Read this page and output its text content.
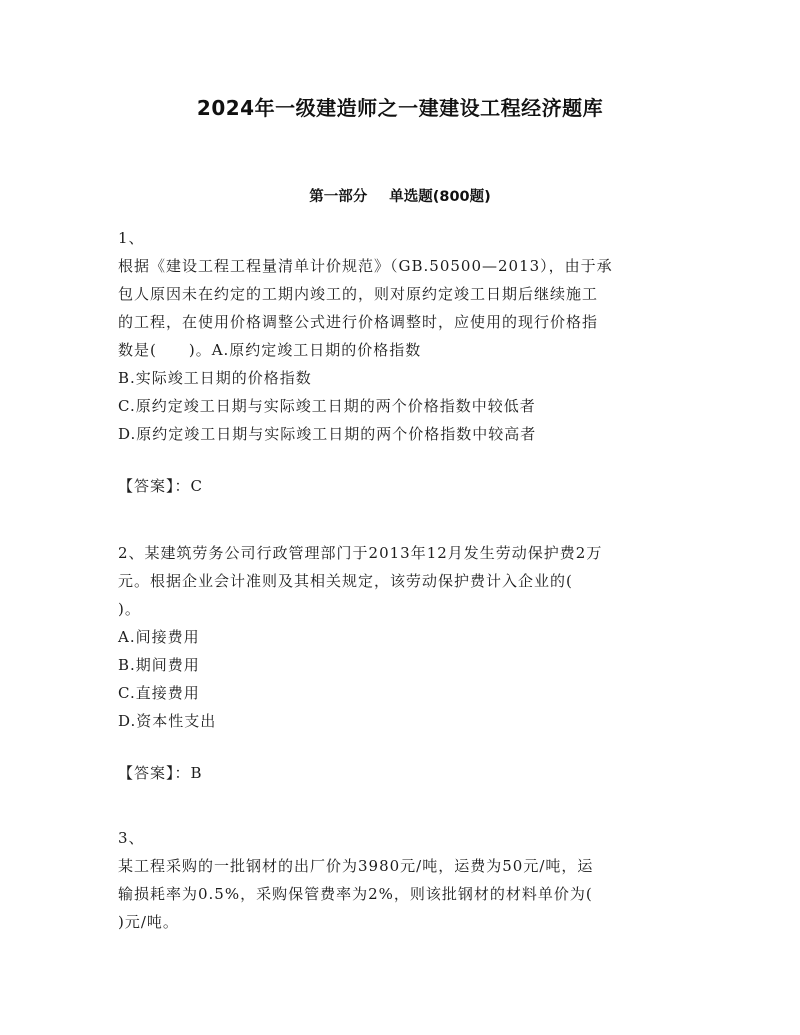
2024年一级建造师之一建建设工程经济题库
第一部分 单选题(800题)
1、
根据《建设工程工程量清单计价规范》（GB.50500—2013），由于承
包人原因未在约定的工期内竣工的，则对原约定竣工日期后继续施工
的工程，在使用价格调整公式进行价格调整时，应使用的现行价格指
数是(　　)。A.原约定竣工日期的价格指数
B.实际竣工日期的价格指数
C.原约定竣工日期与实际竣工日期的两个价格指数中较低者
D.原约定竣工日期与实际竣工日期的两个价格指数中较高者
【答案】：C
2、某建筑劳务公司行政管理部门于2013年12月发生劳动保护费2万
元。根据企业会计准则及其相关规定，该劳动保护费计入企业的(
)。
A.间接费用
B.期间费用
C.直接费用
D.资本性支出
【答案】：B
3、
某工程采购的一批钢材的出厂价为3980元/吨，运费为50元/吨，运
输损耗率为0.5%，采购保管费率为2%，则该批钢材的材料单价为(
)元/吨。
